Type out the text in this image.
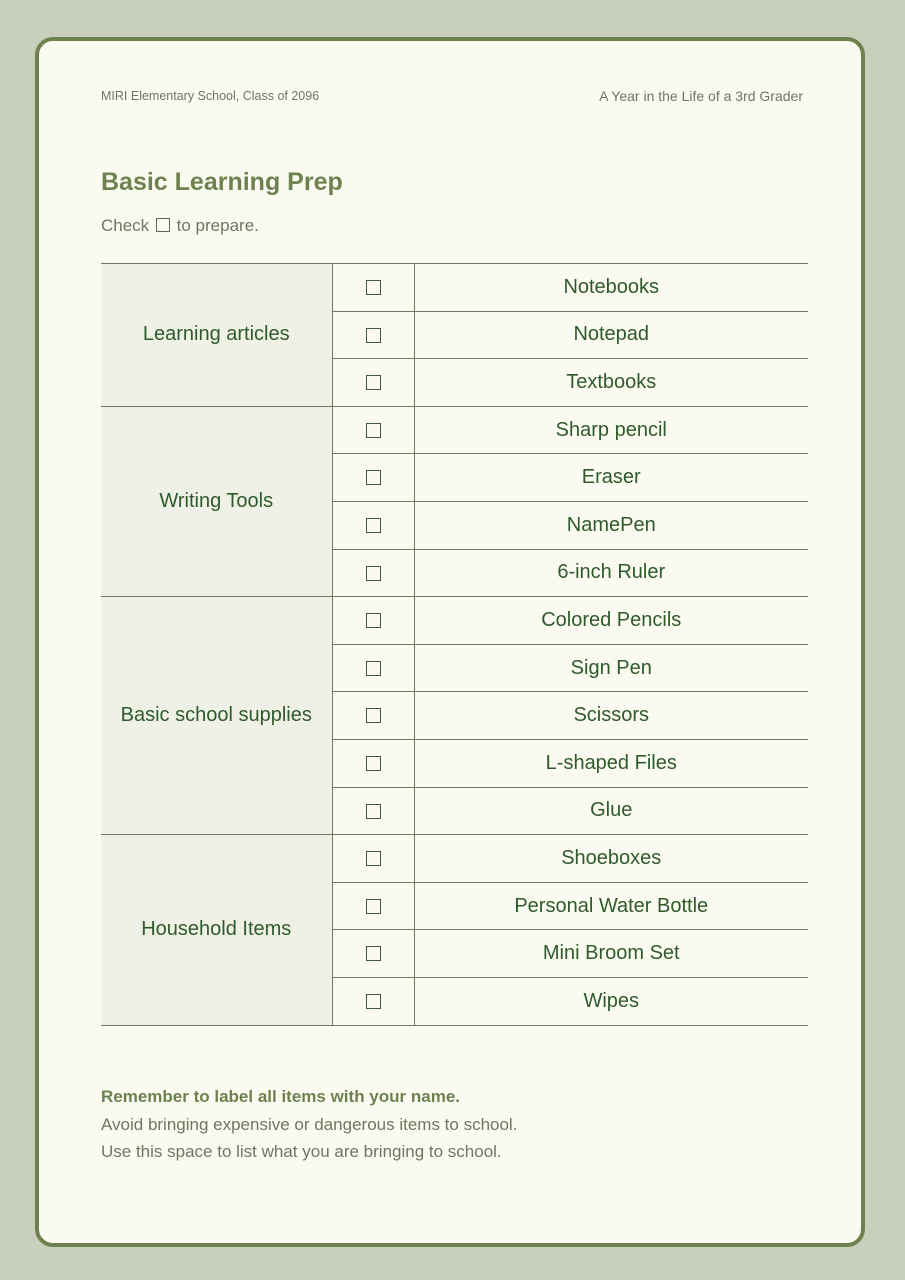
MIRI Elementary School, Class of 2096	A Year in the Life of a 3rd Grader
Basic Learning Prep
Check to prepare.
Learning articles		Notebooks
		Notepad
		Textbooks
Writing Tools		Sharp pencil
		Eraser
		NamePen
		6-inch Ruler
Basic school supplies		Colored Pencils
		Sign Pen
		Scissors
		L-shaped Files
		Glue
Household Items		Shoeboxes
		Personal Water Bottle
		Mini Broom Set
		Wipes
Remember to label all items with your name.
Avoid bringing expensive or dangerous items to school.
Use this space to list what you are bringing to school.
